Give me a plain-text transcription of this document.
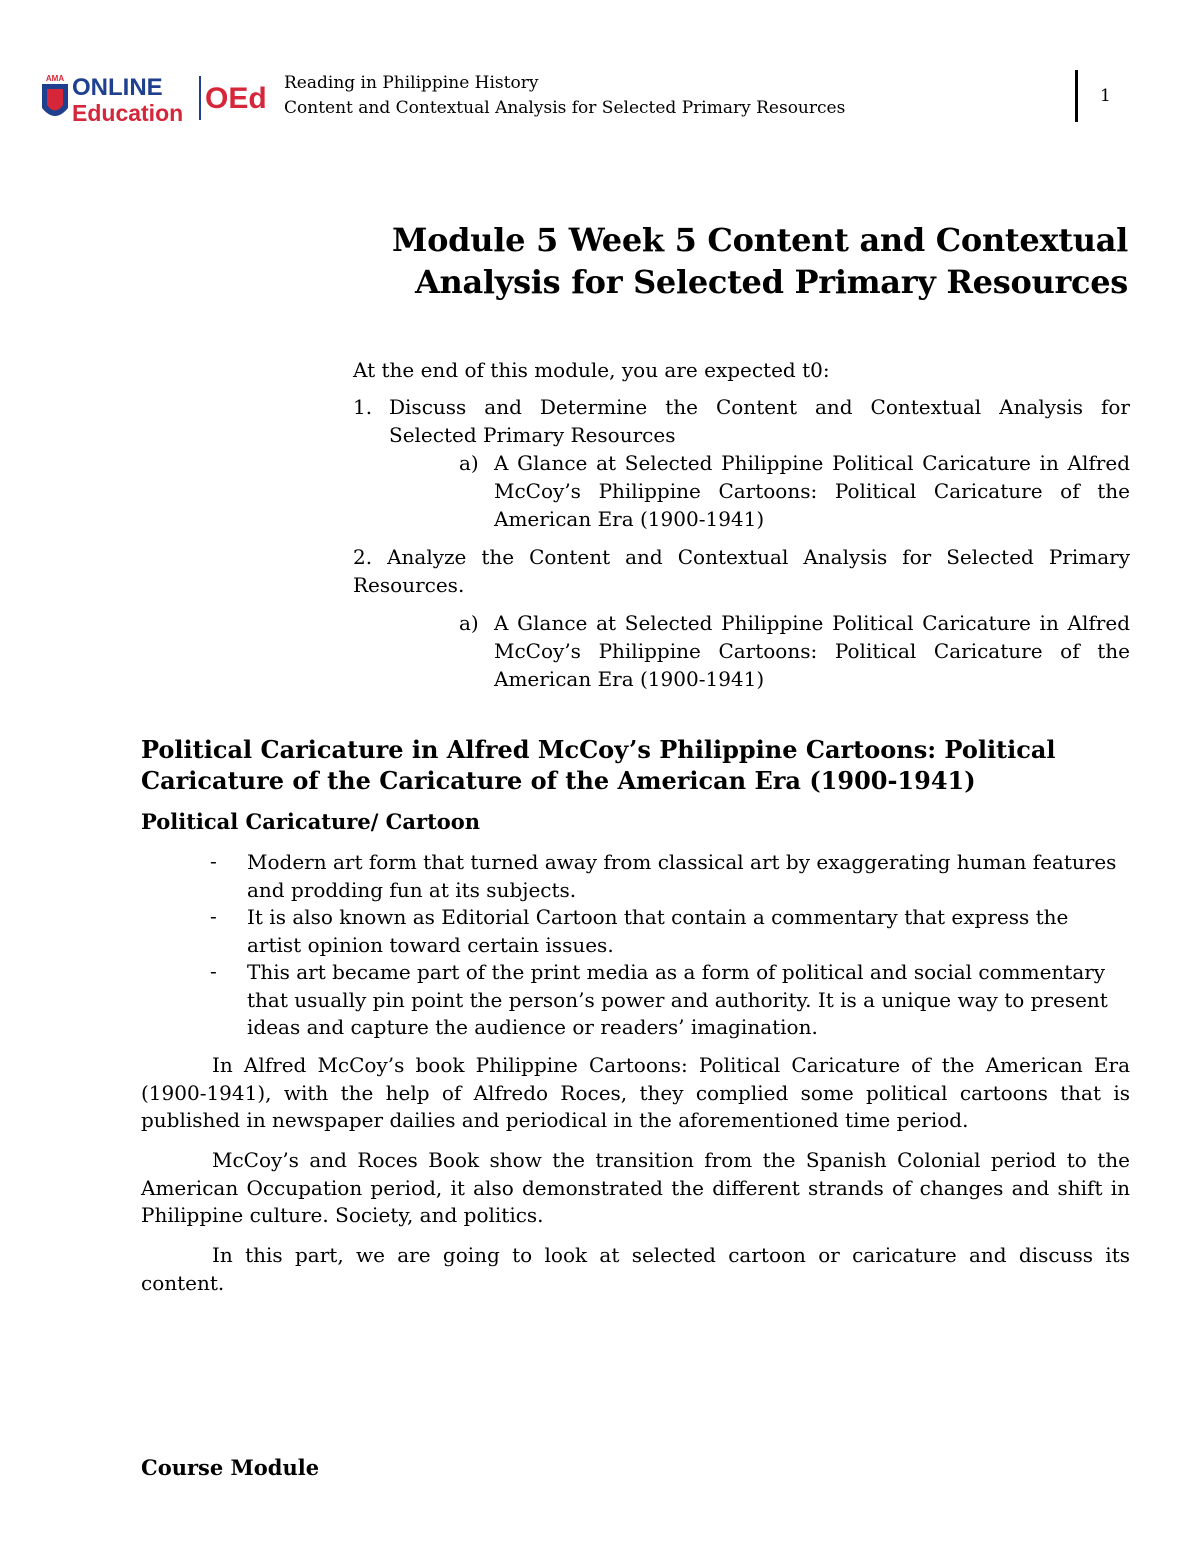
AMA ONLINE
Education OEd Reading in Philippine History
Content and Contextual Analysis for Selected Primary Resources
1
Module 5 Week 5 Content and Contextual
Analysis for Selected Primary Resources
At the end of this module, you are expected t0:
1. Discuss and Determine the Content and Contextual Analysis for Selected Primary Resources
a) A Glance at Selected Philippine Political Caricature in Alfred McCoy’s Philippine Cartoons: Political Caricature of the American Era (1900-1941)
2. Analyze the Content and Contextual Analysis for Selected Primary Resources.
a) A Glance at Selected Philippine Political Caricature in Alfred McCoy’s Philippine Cartoons: Political Caricature of the American Era (1900-1941)
Political Caricature in Alfred McCoy’s Philippine Cartoons: Political Caricature of the Caricature of the American Era (1900-1941)
Political Caricature/ Cartoon
- Modern art form that turned away from classical art by exaggerating human features and prodding fun at its subjects.
- It is also known as Editorial Cartoon that contain a commentary that express the artist opinion toward certain issues.
- This art became part of the print media as a form of political and social commentary that usually pin point the person’s power and authority. It is a unique way to present ideas and capture the audience or readers’ imagination.
In Alfred McCoy’s book Philippine Cartoons: Political Caricature of the American Era (1900-1941), with the help of Alfredo Roces, they complied some political cartoons that is published in newspaper dailies and periodical in the aforementioned time period.
McCoy’s and Roces Book show the transition from the Spanish Colonial period to the American Occupation period, it also demonstrated the different strands of changes and shift in Philippine culture. Society, and politics.
In this part, we are going to look at selected cartoon or caricature and discuss its content.
Course Module
